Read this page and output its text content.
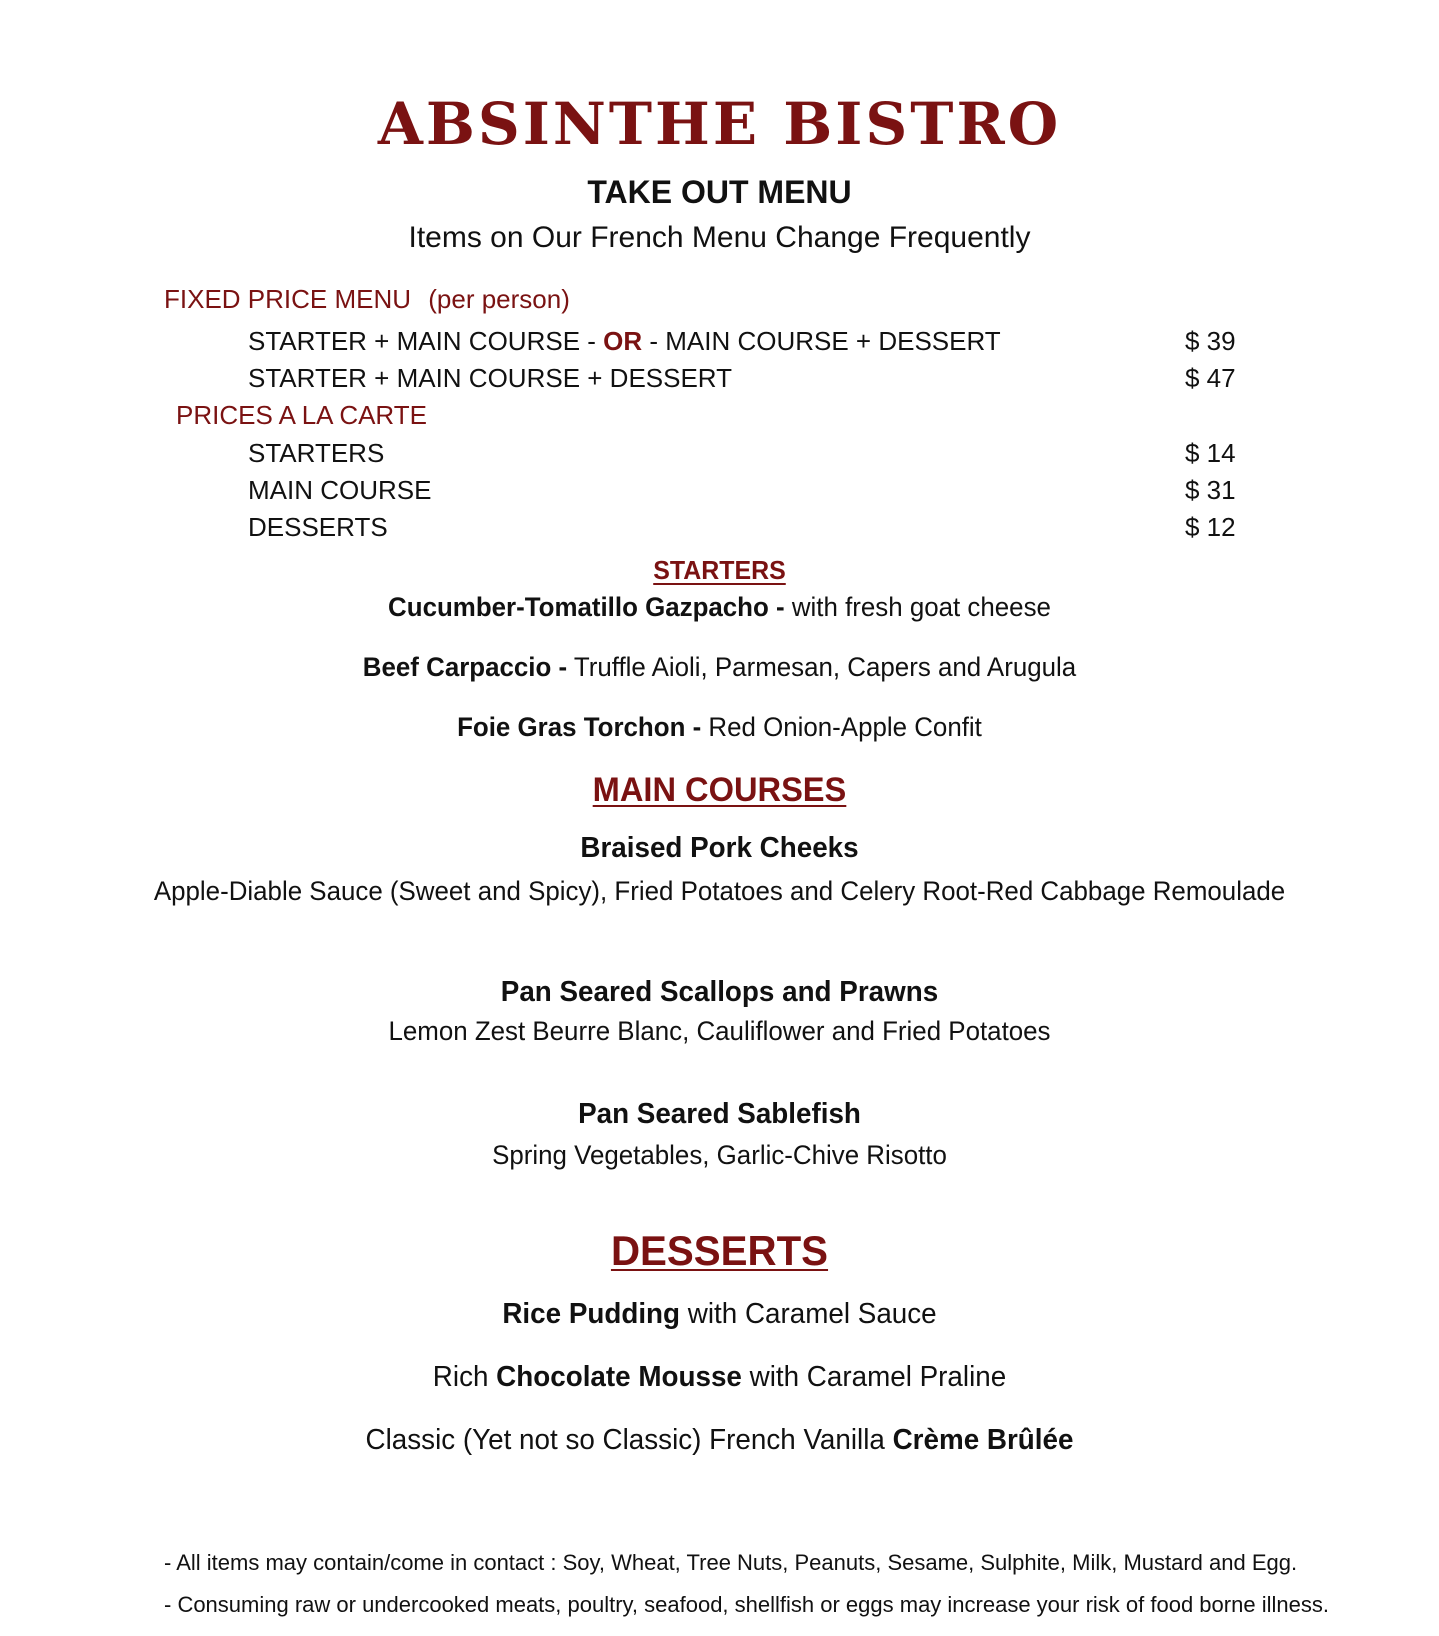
ABSINTHE BISTRO
TAKE OUT MENU
Items on Our French Menu Change Frequently
FIXED PRICE MENU (per person)
STARTER + MAIN COURSE - OR - MAIN COURSE + DESSERT	$ 39
STARTER + MAIN COURSE + DESSERT	$ 47
PRICES A LA CARTE
STARTERS	$ 14
MAIN COURSE	$ 31
DESSERTS	$ 12
STARTERS
Cucumber-Tomatillo Gazpacho - with fresh goat cheese
Beef Carpaccio - Truffle Aioli, Parmesan, Capers and Arugula
Foie Gras Torchon - Red Onion-Apple Confit
MAIN COURSES
Braised Pork Cheeks
Apple-Diable Sauce (Sweet and Spicy), Fried Potatoes and Celery Root-Red Cabbage Remoulade
Pan Seared Scallops and Prawns
Lemon Zest Beurre Blanc, Cauliflower and Fried Potatoes
Pan Seared Sablefish
Spring Vegetables, Garlic-Chive Risotto
DESSERTS
Rice Pudding with Caramel Sauce
Rich Chocolate Mousse with Caramel Praline
Classic (Yet not so Classic) French Vanilla Crème Brûlée
- All items may contain/come in contact : Soy, Wheat, Tree Nuts, Peanuts, Sesame, Sulphite, Milk, Mustard and Egg.
- Consuming raw or undercooked meats, poultry, seafood, shellfish or eggs may increase your risk of food borne illness.
